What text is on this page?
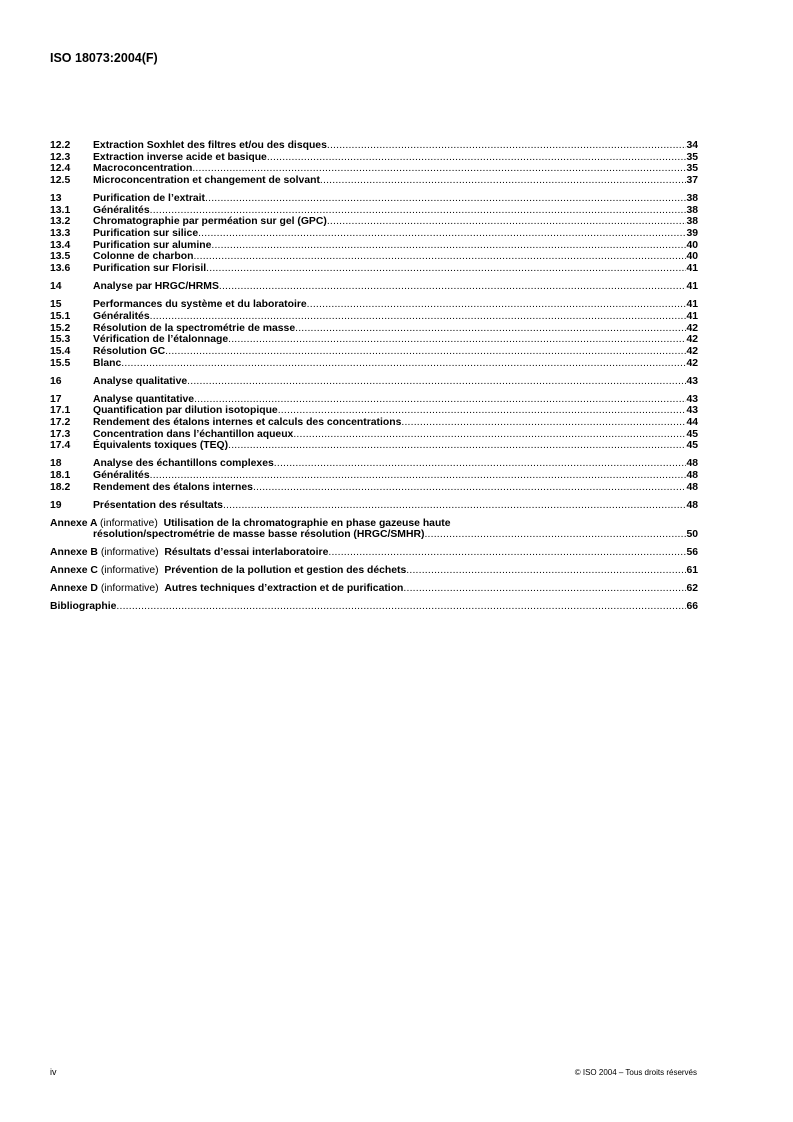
ISO 18073:2004(F)
12.2	Extraction Soxhlet des filtres et/ou des disques .....	34
12.3	Extraction inverse acide et basique .....	35
12.4	Macroconcentration .....	35
12.5	Microconcentration et changement de solvant .....	37
13	Purification de l’extrait .....	38
13.1	Généralités .....	38
13.2	Chromatographie par perméation sur gel (GPC) .....	38
13.3	Purification sur silice .....	39
13.4	Purification sur alumine .....	40
13.5	Colonne de charbon .....	40
13.6	Purification sur Florisil .....	41
14	Analyse par HRGC/HRMS .....	41
15	Performances du système et du laboratoire .....	41
15.1	Généralités .....	41
15.2	Résolution de la spectrométrie de masse .....	42
15.3	Vérification de l’étalonnage .....	42
15.4	Résolution GC .....	42
15.5	Blanc .....	42
16	Analyse qualitative .....	43
17	Analyse quantitative .....	43
17.1	Quantification par dilution isotopique .....	43
17.2	Rendement des étalons internes et calculs des concentrations .....	44
17.3	Concentration dans l’échantillon aqueux .....	45
17.4	Équivalents toxiques (TEQ) .....	45
18	Analyse des échantillons complexes .....	48
18.1	Généralités .....	48
18.2	Rendement des étalons internes .....	48
19	Présentation des résultats .....	48
Annexe A (informative) Utilisation de la chromatographie en phase gazeuse haute
résolution/spectrométrie de masse basse résolution (HRGC/SMHR) .....	50
Annexe B (informative) Résultats d’essai interlaboratoire .....	56
Annexe C (informative) Prévention de la pollution et gestion des déchets .....	61
Annexe D (informative) Autres techniques d’extraction et de purification .....	62
Bibliographie .....	66
iv	© ISO 2004 – Tous droits réservés
